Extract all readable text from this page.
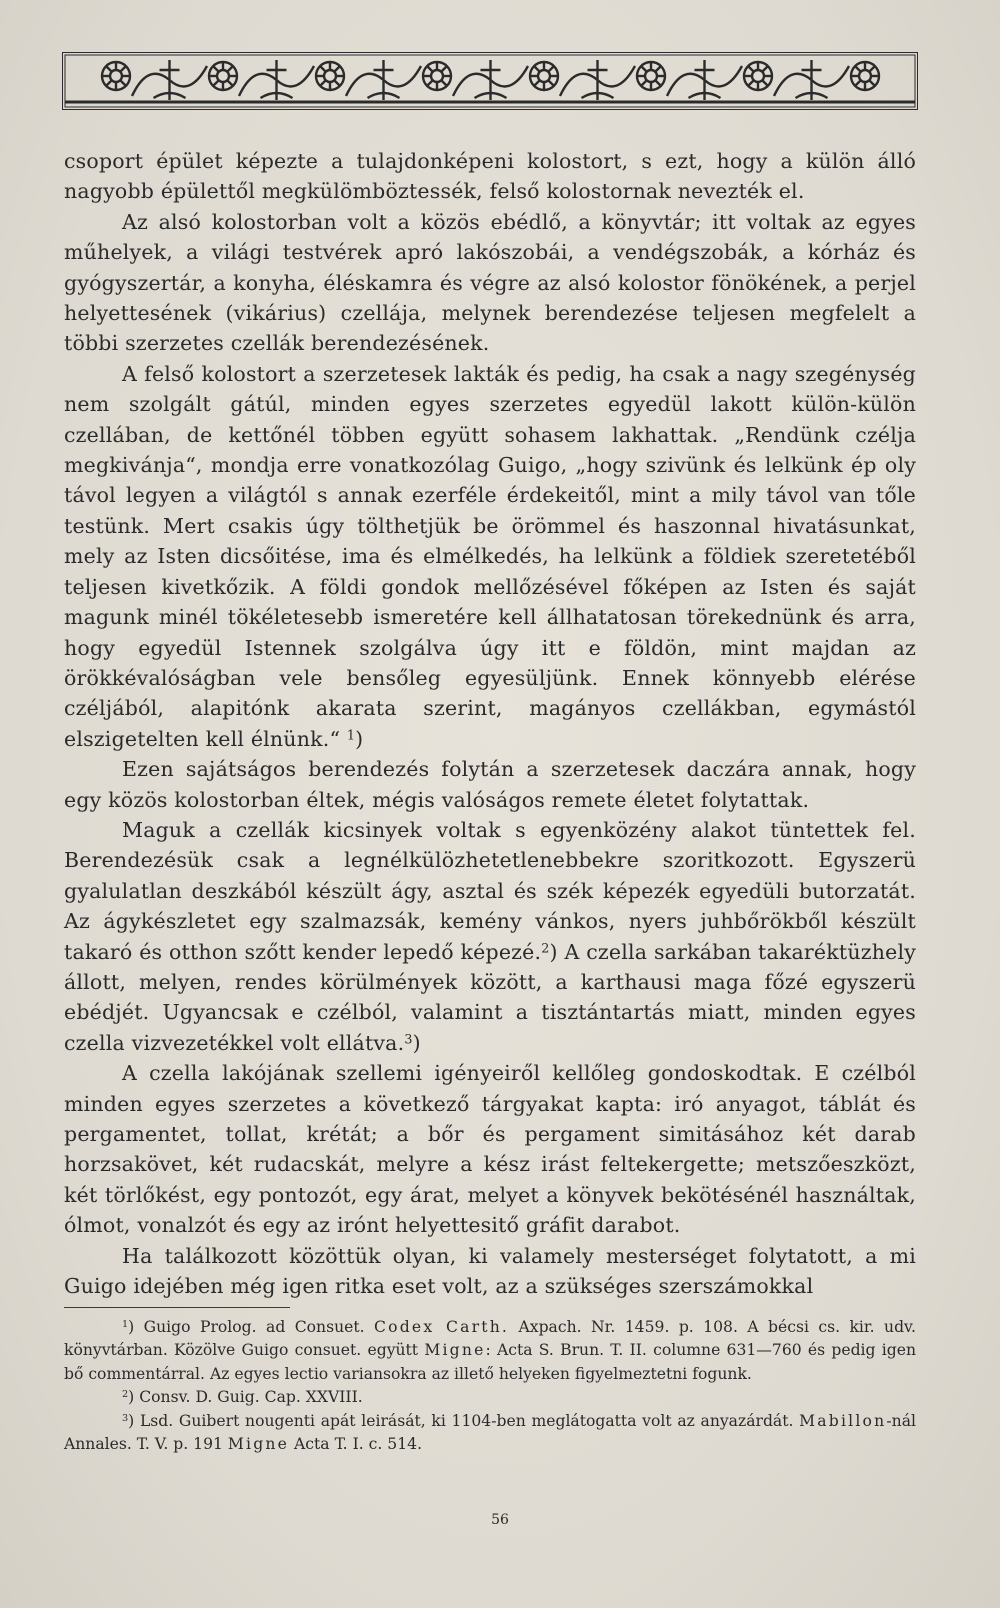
csoport épület képezte a tulajdonképeni kolostort, s ezt, hogy a külön álló nagyobb épülettől megkülömböztessék, felső kolostornak nevezték el.

Az alsó kolostorban volt a közös ebédlő, a könyvtár; itt voltak az egyes műhelyek, a világi testvérek apró lakószobái, a vendégszobák, a kórház és gyógyszertár, a konyha, éléskamra és végre az alsó kolostor fönökének, a perjel helyettesének (vikárius) czellája, melynek berendezése teljesen megfelelt a többi szerzetes czellák berendezésének.

A felső kolostort a szerzetesek lakták és pedig, ha csak a nagy szegénység nem szolgált gátúl, minden egyes szerzetes egyedül lakott külön-külön czellában, de kettőnél többen együtt sohasem lakhattak. „Rendünk czélja megkivánja“, mondja erre vonatkozólag Guigo, „hogy szivünk és lelkünk ép oly távol legyen a világtól s annak ezerféle érdekeitől, mint a mily távol van tőle testünk. Mert csakis úgy tölthetjük be örömmel és haszonnal hivatásunkat, mely az Isten dicsőitése, ima és elmélkedés, ha lelkünk a földiek szeretetéből teljesen kivetkőzik. A földi gondok mellőzésével főképen az Isten és saját magunk minél tökéletesebb ismeretére kell állhatatosan törekednünk és arra, hogy egyedül Istennek szolgálva úgy itt e földön, mint majdan az örökkévalóságban vele bensőleg egyesüljünk. Ennek könnyebb elérése czéljából, alapitónk akarata szerint, magányos czellákban, egymástól elszigetelten kell élnünk.“ $^1$)

Ezen sajátságos berendezés folytán a szerzetesek daczára annak, hogy egy közös kolostorban éltek, mégis valóságos remete életet folytattak.

Maguk a czellák kicsinyek voltak s egyenközény alakot tüntettek fel. Berendezésük csak a legnélkülözhetetlenebbekre szoritkozott. Egyszerü gyalulatlan deszkából készült ágy, asztal és szék képezék egyedüli butorzatát. Az ágykészletet egy szalmazsák, kemény vánkos, nyers juhbőrökből készült takaró és otthon szőtt kender lepedő képezé.$^2$) A czella sarkában takaréktüzhely állott, melyen, rendes körülmények között, a karthausi maga főzé egyszerü ebédjét. Ugyancsak e czélból, valamint a tisztántartás miatt, minden egyes czella vizvezetékkel volt ellátva.$^3$)

A czella lakójának szellemi igényeiről kellőleg gondoskodtak. E czélból minden egyes szerzetes a következő tárgyakat kapta: iró anyagot, táblát és pergamentet, tollat, krétát; a bőr és pergament simitásához két darab horzsakövet, két rudacskát, melyre a kész irást feltekergette; metszőeszközt, két törlőkést, egy pontozót, egy árat, melyet a könyvek bekötésénél használtak, ólmot, vonalzót és egy az irónt helyettesitő gráfit darabot.

Ha találkozott közöttük olyan, ki valamely mesterséget folytatott, a mi Guigo idejében még igen ritka eset volt, az a szükséges szerszámokkal

$^1$) Guigo Prolog. ad Consuet. Codex Carth. Axpach. Nr. 1459. p. 108. A bécsi cs. kir. udv. könyvtárban. Közölve Guigo consuet. együtt Migne: Acta S. Brun. T. II. columne 631—760 és pedig igen bő commentárral. Az egyes lectio variansokra az illető helyeken figyelmeztetni fogunk.

$^2$) Consv. D. Guig. Cap. XXVIII.

$^3$) Lsd. Guibert nougenti apát leirását, ki 1104-ben meglátogatta volt az anyazárdát. Mabillon-nál Annales. T. V. p. 191 Migne Acta T. I. c. 514.

56
